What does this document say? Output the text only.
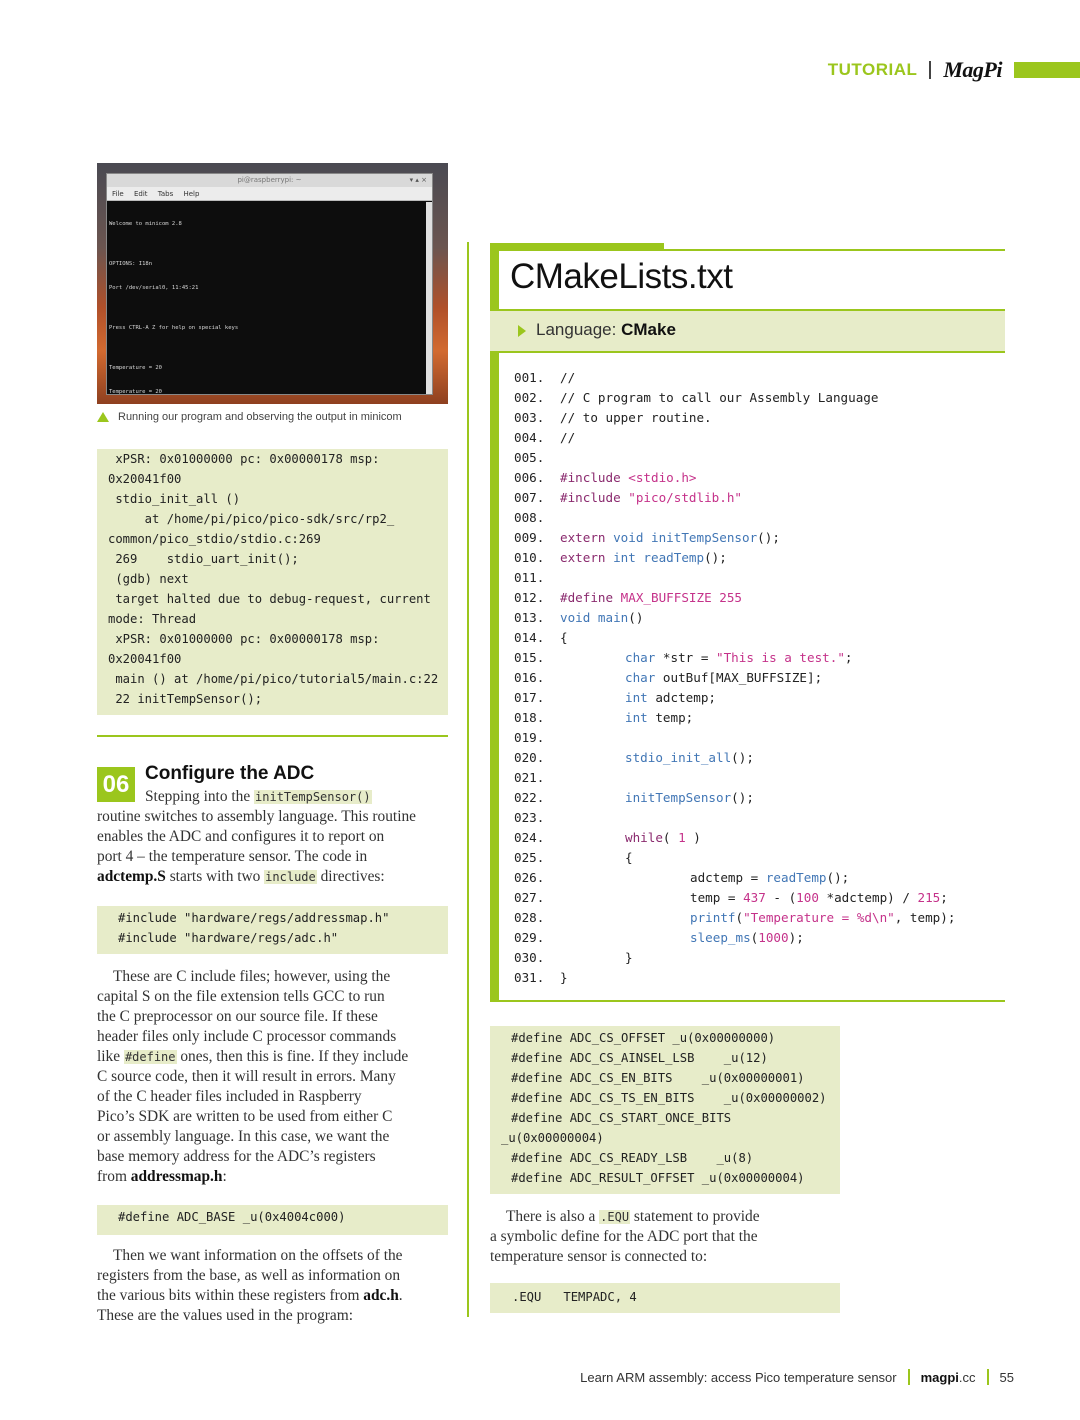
TUTORIAL MagPi
pi@raspberrypi: ~	▾ ▴ ×
File Edit Tabs Help

Welcome to minicom 2.8

OPTIONS: I18n

Port /dev/serial0, 11:45:21

Press CTRL-A Z for help on special keys

Temperature = 20

Temperature = 20

Running our program and observing the output in minicom
xPSR: 0x01000000 pc: 0x00000178 msp:
0x20041f00
stdio_init_all ()
at /home/pi/pico/pico-sdk/src/rp2_
common/pico_stdio/stdio.c:269
269    stdio_uart_init();
(gdb) next
target halted due to debug-request, current
mode: Thread
xPSR: 0x01000000 pc: 0x00000178 msp:
0x20041f00
main () at /home/pi/pico/tutorial5/main.c:22
22 initTempSensor();
06 Configure the ADC
Stepping into the initTempSensor()
routine switches to assembly language. This routine
enables the ADC and configures it to report on
port 4 – the temperature sensor. The code in
adctemp.S starts with two include directives:
#include "hardware/regs/addressmap.h"
#include "hardware/regs/adc.h"
These are C include files; however, using the
capital S on the file extension tells GCC to run
the C preprocessor on our source file. If these
header files only include C processor commands
like #define ones, then this is fine. If they include
C source code, then it will result in errors. Many
of the C header files included in Raspberry
Pico’s SDK are written to be used from either C
or assembly language. In this case, we want the
base memory address for the ADC’s registers
from addressmap.h:
#define ADC_BASE _u(0x4004c000)
Then we want information on the offsets of the
registers from the base, as well as information on
the various bits within these registers from adc.h.
These are the values used in the program:
CMakeLists.txt
Language: CMake
001. //
002. // C program to call our Assembly Language
003. // to upper routine.
004. //
005.
006. #include <stdio.h>
007. #include "pico/stdlib.h"
008.
009. extern void initTempSensor();
010. extern int readTemp();
011.
012. #define MAX_BUFFSIZE 255
013. void main()
014. {
015.	char *str = "This is a test.";
016.	char outBuf[MAX_BUFFSIZE];
017.	int adctemp;
018.	int temp;
019.
020.	stdio_init_all();
021.
022.	initTempSensor();
023.
024.	while( 1 )
025.	{
026.	adctemp = readTemp();
027.	temp = 437 - (100 *adctemp) / 215;
028.	printf("Temperature = %d\n", temp);
029.	sleep_ms(1000);
030.	}
031. }
#define ADC_CS_OFFSET _u(0x00000000)
#define ADC_CS_AINSEL_LSB    _u(12)
#define ADC_CS_EN_BITS    _u(0x00000001)
#define ADC_CS_TS_EN_BITS    _u(0x00000002)
#define ADC_CS_START_ONCE_BITS
_u(0x00000004)
#define ADC_CS_READY_LSB    _u(8)
#define ADC_RESULT_OFFSET _u(0x00000004)
There is also a .EQU statement to provide
a symbolic define for the ADC port that the
temperature sensor is connected to:
.EQU   TEMPADC, 4
Learn ARM assembly: access Pico temperature sensor magpi.cc 55
